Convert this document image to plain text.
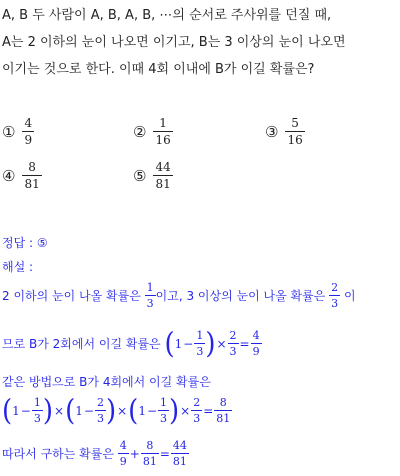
A, B 두 사람이 A, B, A, B, ⋯의 순서로 주사위를 던질 때,
A는 2 이하의 눈이 나오면 이기고, B는 3 이상의 눈이 나오면
이기는 것으로 한다. 이때 4회 이내에 B가 이길 확률은?
① $\frac{4}{9}$	② $\frac{1}{16}$	③ $\frac{5}{16}$
④ $\frac{8}{81}$	⑤ $\frac{44}{81}$
정답 : ⑤
해설 :
2 이하의 눈이 나올 확률은
$\frac{1}{3}$ 이고, 3 이상의 눈이 나올 확률은
$\frac{2}{3}$
이
므로 B가 2회에서 이길 확률은
( $1 - \frac{1}{3}$ ) × $\frac{2}{3} = \frac{4}{9}$
같은 방법으로 B가 4회에서 이길 확률은
( $1 - \frac{1}{3}$ ) × ( $1 - \frac{2}{3}$ ) × ( $1 - \frac{1}{3}$ ) × $\frac{2}{3} = \frac{8}{81}$
따라서 구하는 확률은
$\frac{4}{9} + \frac{8}{81} = \frac{44}{81}$
